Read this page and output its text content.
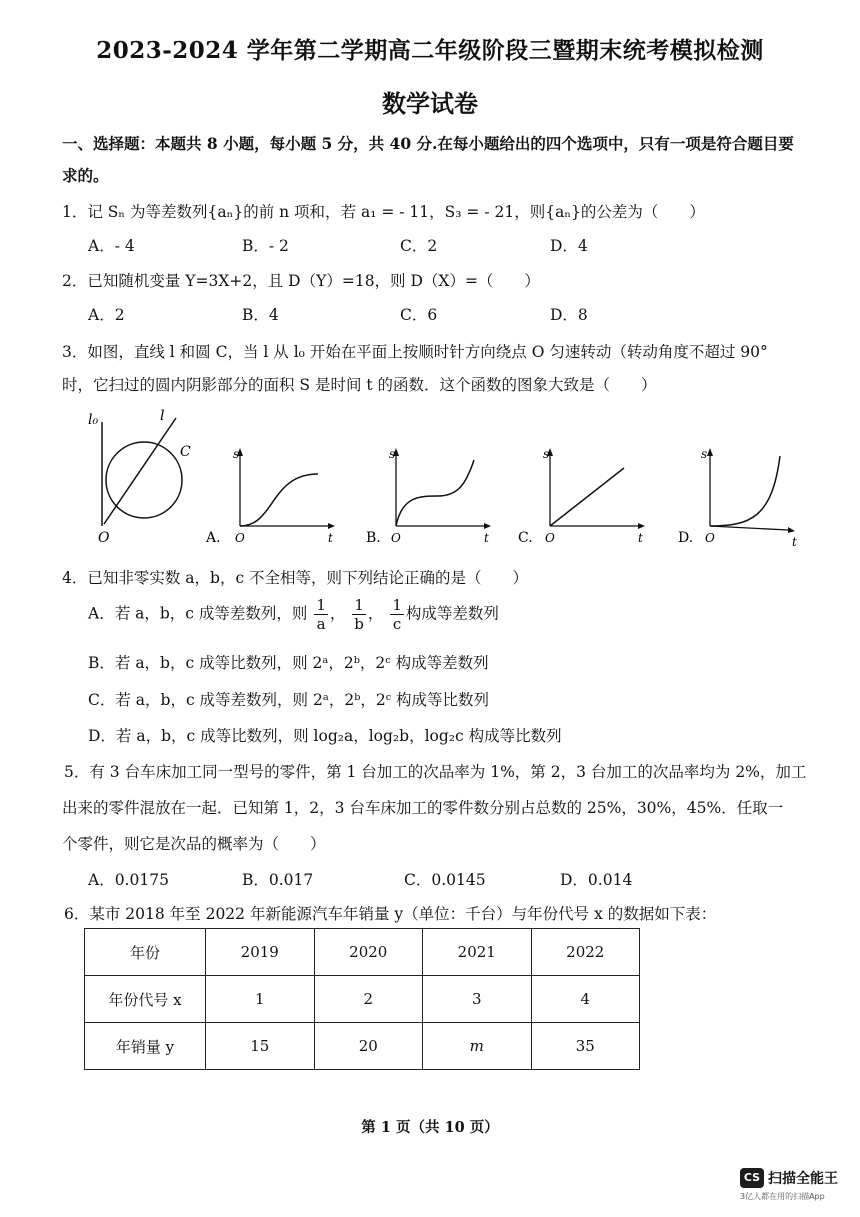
2023-2024 学年第二学期高二年级阶段三暨期末统考模拟检测
数学试卷
一、选择题：本题共 8 小题，每小题 5 分，共 40 分.在每小题给出的四个选项中，只有一项是符合题目要
求的。
1．记 Sₙ 为等差数列{aₙ}的前 n 项和，若 a₁ = - 11，S₃ = - 21，则{aₙ}的公差为（　　）
A．- 4	B．- 2	C．2	D．4
2．已知随机变量 Y=3X+2，且 D（Y）=18，则 D（X）=（　　）
A．2	B．4	C．6	D．8
3．如图，直线 l 和圆 C，当 l 从 l₀ 开始在平面上按顺时针方向绕点 O 匀速转动（转动角度不超过 90°
时，它扫过的圆内阴影部分的面积 S 是时间 t 的函数．这个函数的图象大致是（　　）
l₀	l
C
O
s
t
O
A.
s
t
O
B.
s
t
O
C.
s
t
O
D.
4．已知非零实数 a，b，c 不全相等，则下列结论正确的是（　　）
A．若 a，b，c 成等差数列，则 $\frac{1}{a}$ ， $\frac{1}{b}$ ， $\frac{1}{c}$ 构成等差数列
B．若 a，b，c 成等比数列，则 2ᵃ，2ᵇ，2ᶜ 构成等差数列
C．若 a，b，c 成等差数列，则 2ᵃ，2ᵇ，2ᶜ 构成等比数列
D．若 a，b，c 成等比数列，则 log₂a，log₂b，log₂c 构成等比数列
5．有 3 台车床加工同一型号的零件，第 1 台加工的次品率为 1%，第 2，3 台加工的次品率均为 2%，加工
出来的零件混放在一起．已知第 1，2，3 台车床加工的零件数分别占总数的 25%，30%，45%．任取一
个零件，则它是次品的概率为（　　）
A．0.0175	B．0.017	C．0.0145	D．0.014
6．某市 2018 年至 2022 年新能源汽车年销量 y（单位：千台）与年份代号 x 的数据如下表：
年份	2019	2020	2021	2022
年份代号 x	1	2	3	4
年销量 y	15	20	m	35
第 1 页（共 10 页）
CS 扫描全能王
3亿人都在用的扫描App
